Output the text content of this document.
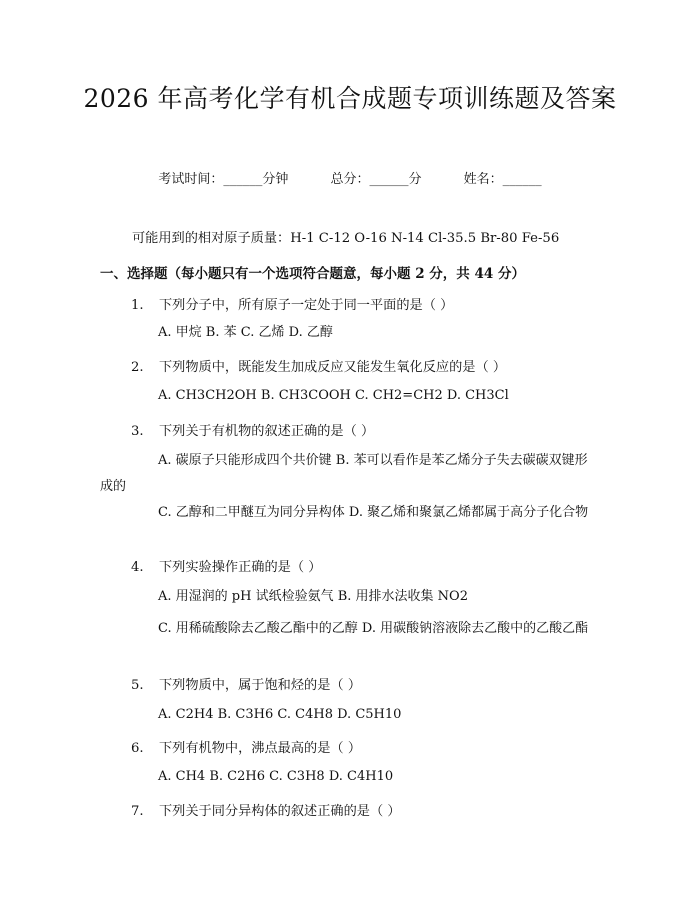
2026 年高考化学有机合成题专项训练题及答案
考试时间：______分钟	总分：______分	姓名：______
可能用到的相对原子质量：H-1 C-12 O-16 N-14 Cl-35.5 Br-80 Fe-56
一、选择题（每小题只有一个选项符合题意，每小题 2 分，共 44 分）
1. 下列分子中，所有原子一定处于同一平面的是（ ）
A. 甲烷 B. 苯 C. 乙烯 D. 乙醇
2. 下列物质中，既能发生加成反应又能发生氧化反应的是（ ）
A. CH3CH2OH B. CH3COOH C. CH2=CH2 D. CH3Cl
3. 下列关于有机物的叙述正确的是（ ）
A. 碳原子只能形成四个共价键 B. 苯可以看作是苯乙烯分子失去碳碳双键形成的
C. 乙醇和二甲醚互为同分异构体 D. 聚乙烯和聚氯乙烯都属于高分子化合物
4. 下列实验操作正确的是（ ）
A. 用湿润的 pH 试纸检验氨气 B. 用排水法收集 NO2
C. 用稀硫酸除去乙酸乙酯中的乙醇 D. 用碳酸钠溶液除去乙酸中的乙酸乙酯
5. 下列物质中，属于饱和烃的是（ ）
A. C2H4 B. C3H6 C. C4H8 D. C5H10
6. 下列有机物中，沸点最高的是（ ）
A. CH4 B. C2H6 C. C3H8 D. C4H10
7. 下列关于同分异构体的叙述正确的是（ ）
